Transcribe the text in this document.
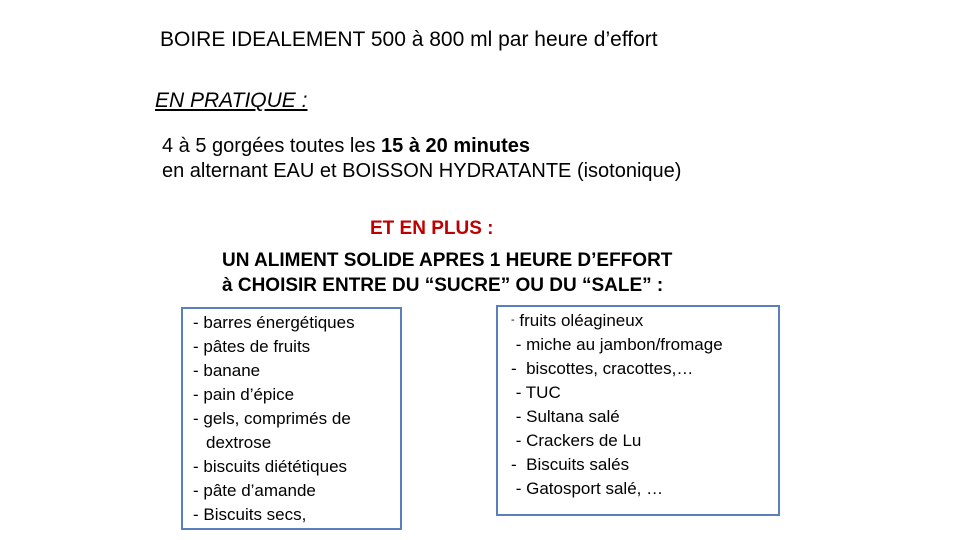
BOIRE IDEALEMENT 500 à 800 ml par heure d’effort
EN PRATIQUE :
4 à 5 gorgées toutes les 15 à 20 minutes
en alternant EAU et BOISSON HYDRATANTE (isotonique)
ET EN PLUS :
UN ALIMENT SOLIDE APRES 1 HEURE D’EFFORT
à CHOISIR ENTRE DU “SUCRE” OU DU “SALE” :
- barres énergétiques
- pâtes de fruits
- banane
- pain d’épice
- gels, comprimés de
dextrose
- biscuits diététiques
- pâte d’amande
- Biscuits secs,
- fruits oléagineux
- miche au jambon/fromage
-  biscottes, cracottes,…
- TUC
- Sultana salé
- Crackers de Lu
-  Biscuits salés
- Gatosport salé, …
